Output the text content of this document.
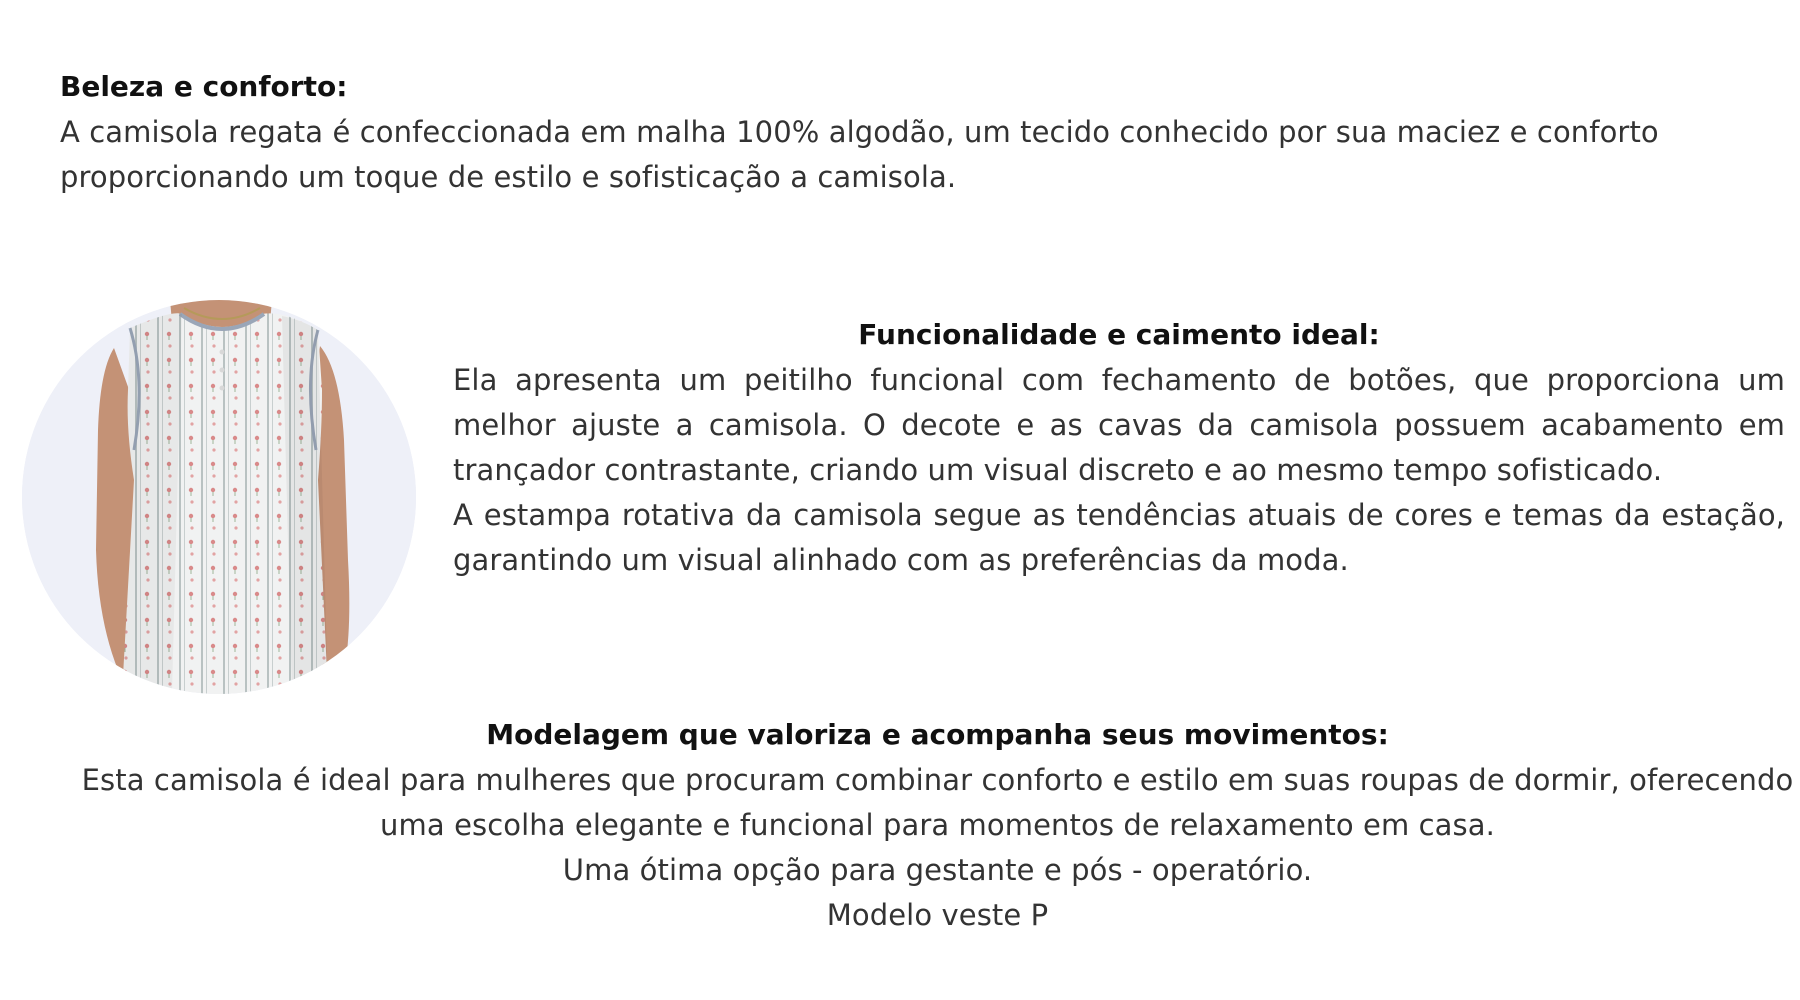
Beleza e conforto:

A camisola regata é confeccionada em malha 100% algodão, um tecido conhecido por sua maciez e conforto
proporcionando um toque de estilo e sofisticação a camisola.

Funcionalidade e caimento ideal:

Ela apresenta um peitilho funcional com fechamento de botões, que proporciona um
melhor ajuste a camisola. O decote e as cavas da camisola possuem acabamento em
trançador contrastante, criando um visual discreto e ao mesmo tempo sofisticado.
A estampa rotativa da camisola segue as tendências atuais de cores e temas da estação,
garantindo um visual alinhado com as preferências da moda.

Modelagem que valoriza e acompanha seus movimentos:

Esta camisola é ideal para mulheres que procuram combinar conforto e estilo em suas roupas de dormir, oferecendo
uma escolha elegante e funcional para momentos de relaxamento em casa.
Uma ótima opção para gestante e pós - operatório.
Modelo veste P
